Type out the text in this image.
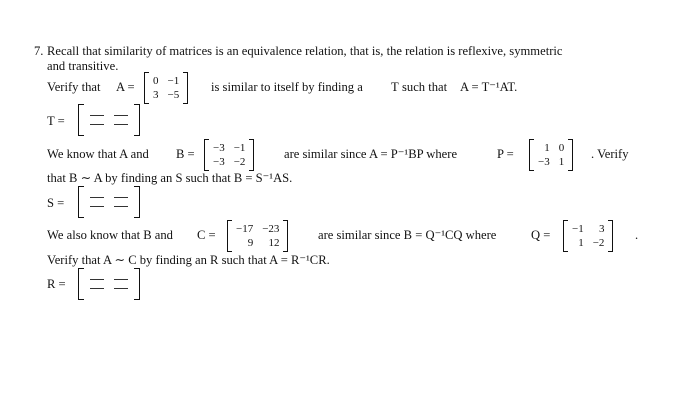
7. Recall that similarity of matrices is an equivalence relation, that is, the relation is reflexive, symmetric
and transitive.
Verify that A = 0 −1
3 −5
is similar to itself by finding a T such that A = T⁻¹AT.
T =
We know that A and B = −3 −1
−3 −2
are similar since A = P⁻¹BP where	P =	1 0
−3 1
. Verify
that B ∼ A by finding an S such that B = S⁻¹AS.
S =
We also know that B and C = −17 −23
9	12
are similar since B = Q⁻¹CQ where	Q = −1	3
1 −2
.
Verify that A ∼ C by finding an R such that A = R⁻¹CR.
R =
